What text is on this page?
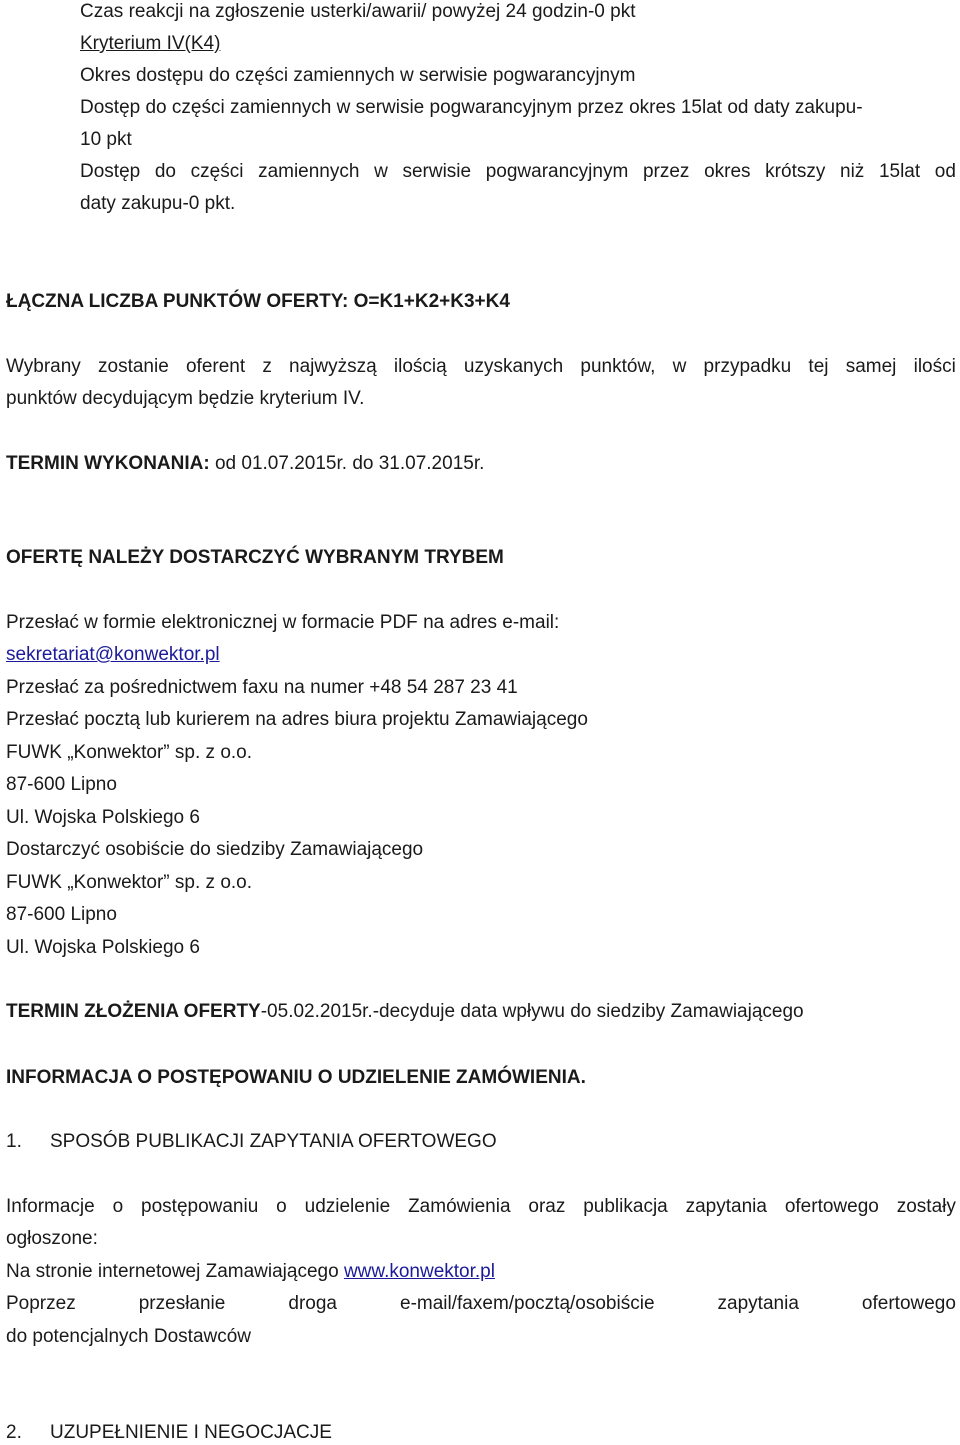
Czas reakcji na zgłoszenie usterki/awarii/ powyżej 24 godzin-0 pkt
Kryterium IV(K4)
Okres dostępu do części zamiennych w serwisie pogwarancyjnym
Dostęp do części zamiennych w serwisie pogwarancyjnym przez okres 15lat od daty zakupu-
10 pkt
Dostęp do części zamiennych w serwisie pogwarancyjnym przez okres krótszy niż 15lat od
daty zakupu-0 pkt.
ŁĄCZNA LICZBA PUNKTÓW OFERTY: O=K1+K2+K3+K4
Wybrany zostanie oferent z najwyższą ilością uzyskanych punktów, w przypadku tej samej ilości
punktów decydującym będzie kryterium IV.
TERMIN WYKONANIA: od 01.07.2015r. do 31.07.2015r.
OFERTĘ NALEŻY DOSTARCZYĆ WYBRANYM TRYBEM
Przesłać w formie elektronicznej w formacie PDF na adres e-mail:
sekretariat@konwektor.pl
Przesłać za pośrednictwem faxu na numer +48 54 287 23 41
Przesłać pocztą lub kurierem na adres biura projektu Zamawiającego
FUWK „Konwektor” sp. z o.o.
87-600 Lipno
Ul. Wojska Polskiego 6
Dostarczyć osobiście do siedziby Zamawiającego
FUWK „Konwektor” sp. z o.o.
87-600 Lipno
Ul. Wojska Polskiego 6
TERMIN ZŁOŻENIA OFERTY-05.02.2015r.-decyduje data wpływu do siedziby Zamawiającego
INFORMACJA O POSTĘPOWANIU O UDZIELENIE ZAMÓWIENIA.
1. SPOSÓB PUBLIKACJI ZAPYTANIA OFERTOWEGO
Informacje o postępowaniu o udzielenie Zamówienia oraz publikacja zapytania ofertowego zostały
ogłoszone:
Na stronie internetowej Zamawiającego www.konwektor.pl
Poprzez	przesłanie	droga	e-mail/faxem/pocztą/osobiście	zapytania	ofertowego
do potencjalnych Dostawców
2. UZUPEŁNIENIE I NEGOCJACJE
